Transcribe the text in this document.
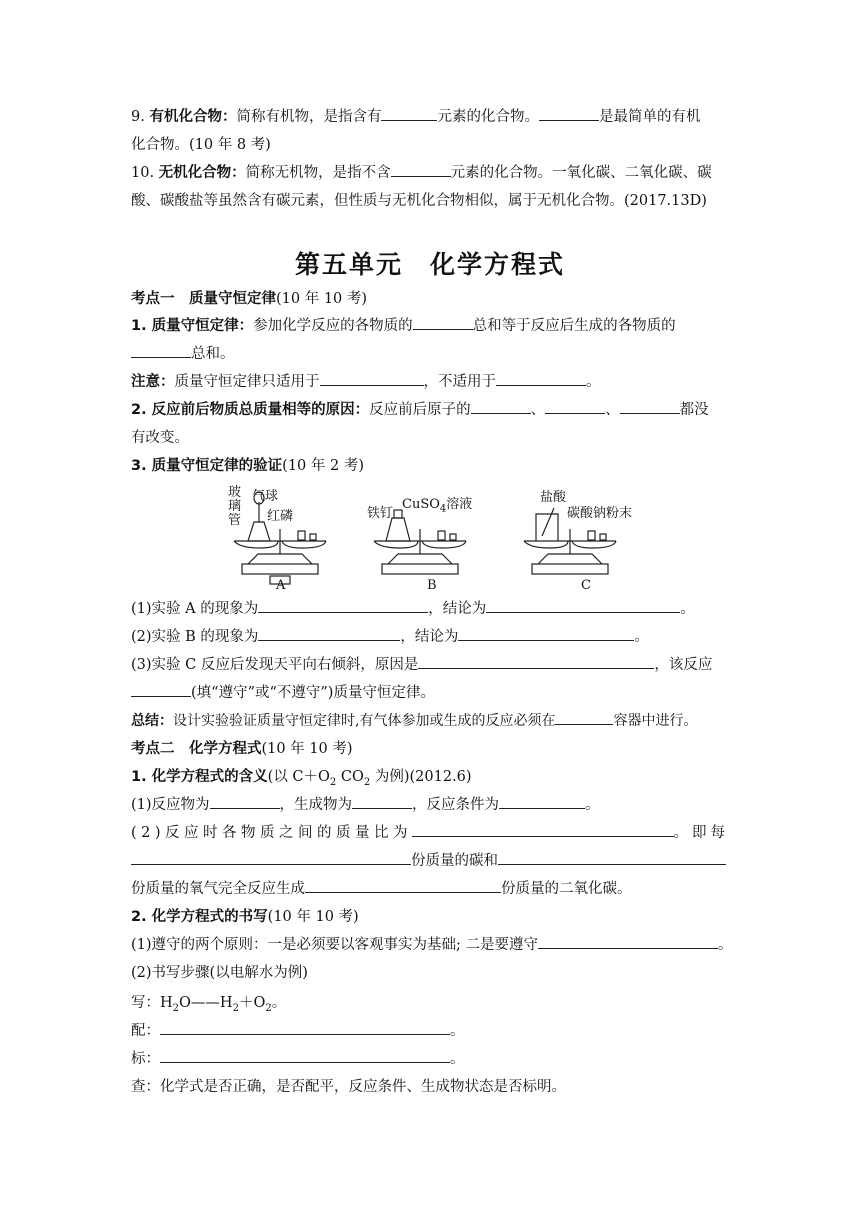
9. 有机化合物：简称有机物，是指含有	元素的化合物。	是最简单的有机
化合物。(10 年 8 考)
10. 无机化合物：简称无机物，是指不含	元素的化合物。一氧化碳、二氧化碳、碳
酸、碳酸盐等虽然含有碳元素，但性质与无机化合物相似，属于无机化合物。(2017.13D)
第五单元　化学方程式
考点一　质量守恒定律(10 年 10 考)
1. 质量守恒定律：参加化学反应的各物质的	总和等于反应后生成的各物质的
总和。
注意：质量守恒定律只适用于	，不适用于	。
2. 反应前后物质总质量相等的原因：反应前后原子的	、	、	都没
有改变。
3. 质量守恒定律的验证(10 年 2 考)
玻
璃
管
气球
红磷	铁钉
CuSO$_4$溶液	盐酸
碳酸钠粉末
A	B	C
(1)实验 A 的现象为	，结论为	。
(2)实验 B 的现象为	，结论为	。
(3)实验 C 反应后发现天平向右倾斜，原因是	，该反应
(填“遵守”或“不遵守”)质量守恒定律。
总结：设计实验验证质量守恒定律时,有气体参加或生成的反应必须在	容器中进行。
考点二　化学方程式(10 年 10 考)
1. 化学方程式的含义(以 $C+O_2$ $CO_2$ 为例)(2012.6)
(1)反应物为	，生成物为	，反应条件为	。
(2)反应时各物质之间的质量比为	。即每
份质量的碳和
份质量的氧气完全反应生成	份质量的二氧化碳。
2. 化学方程式的书写(10 年 10 考)
(1)遵守的两个原则：一是必须要以客观事实为基础; 二是要遵守	。
(2)书写步骤(以电解水为例)
写：$H_2O——H_2+O_2$。
配：	。
标：	。
查：化学式是否正确，是否配平，反应条件、生成物状态是否标明。
